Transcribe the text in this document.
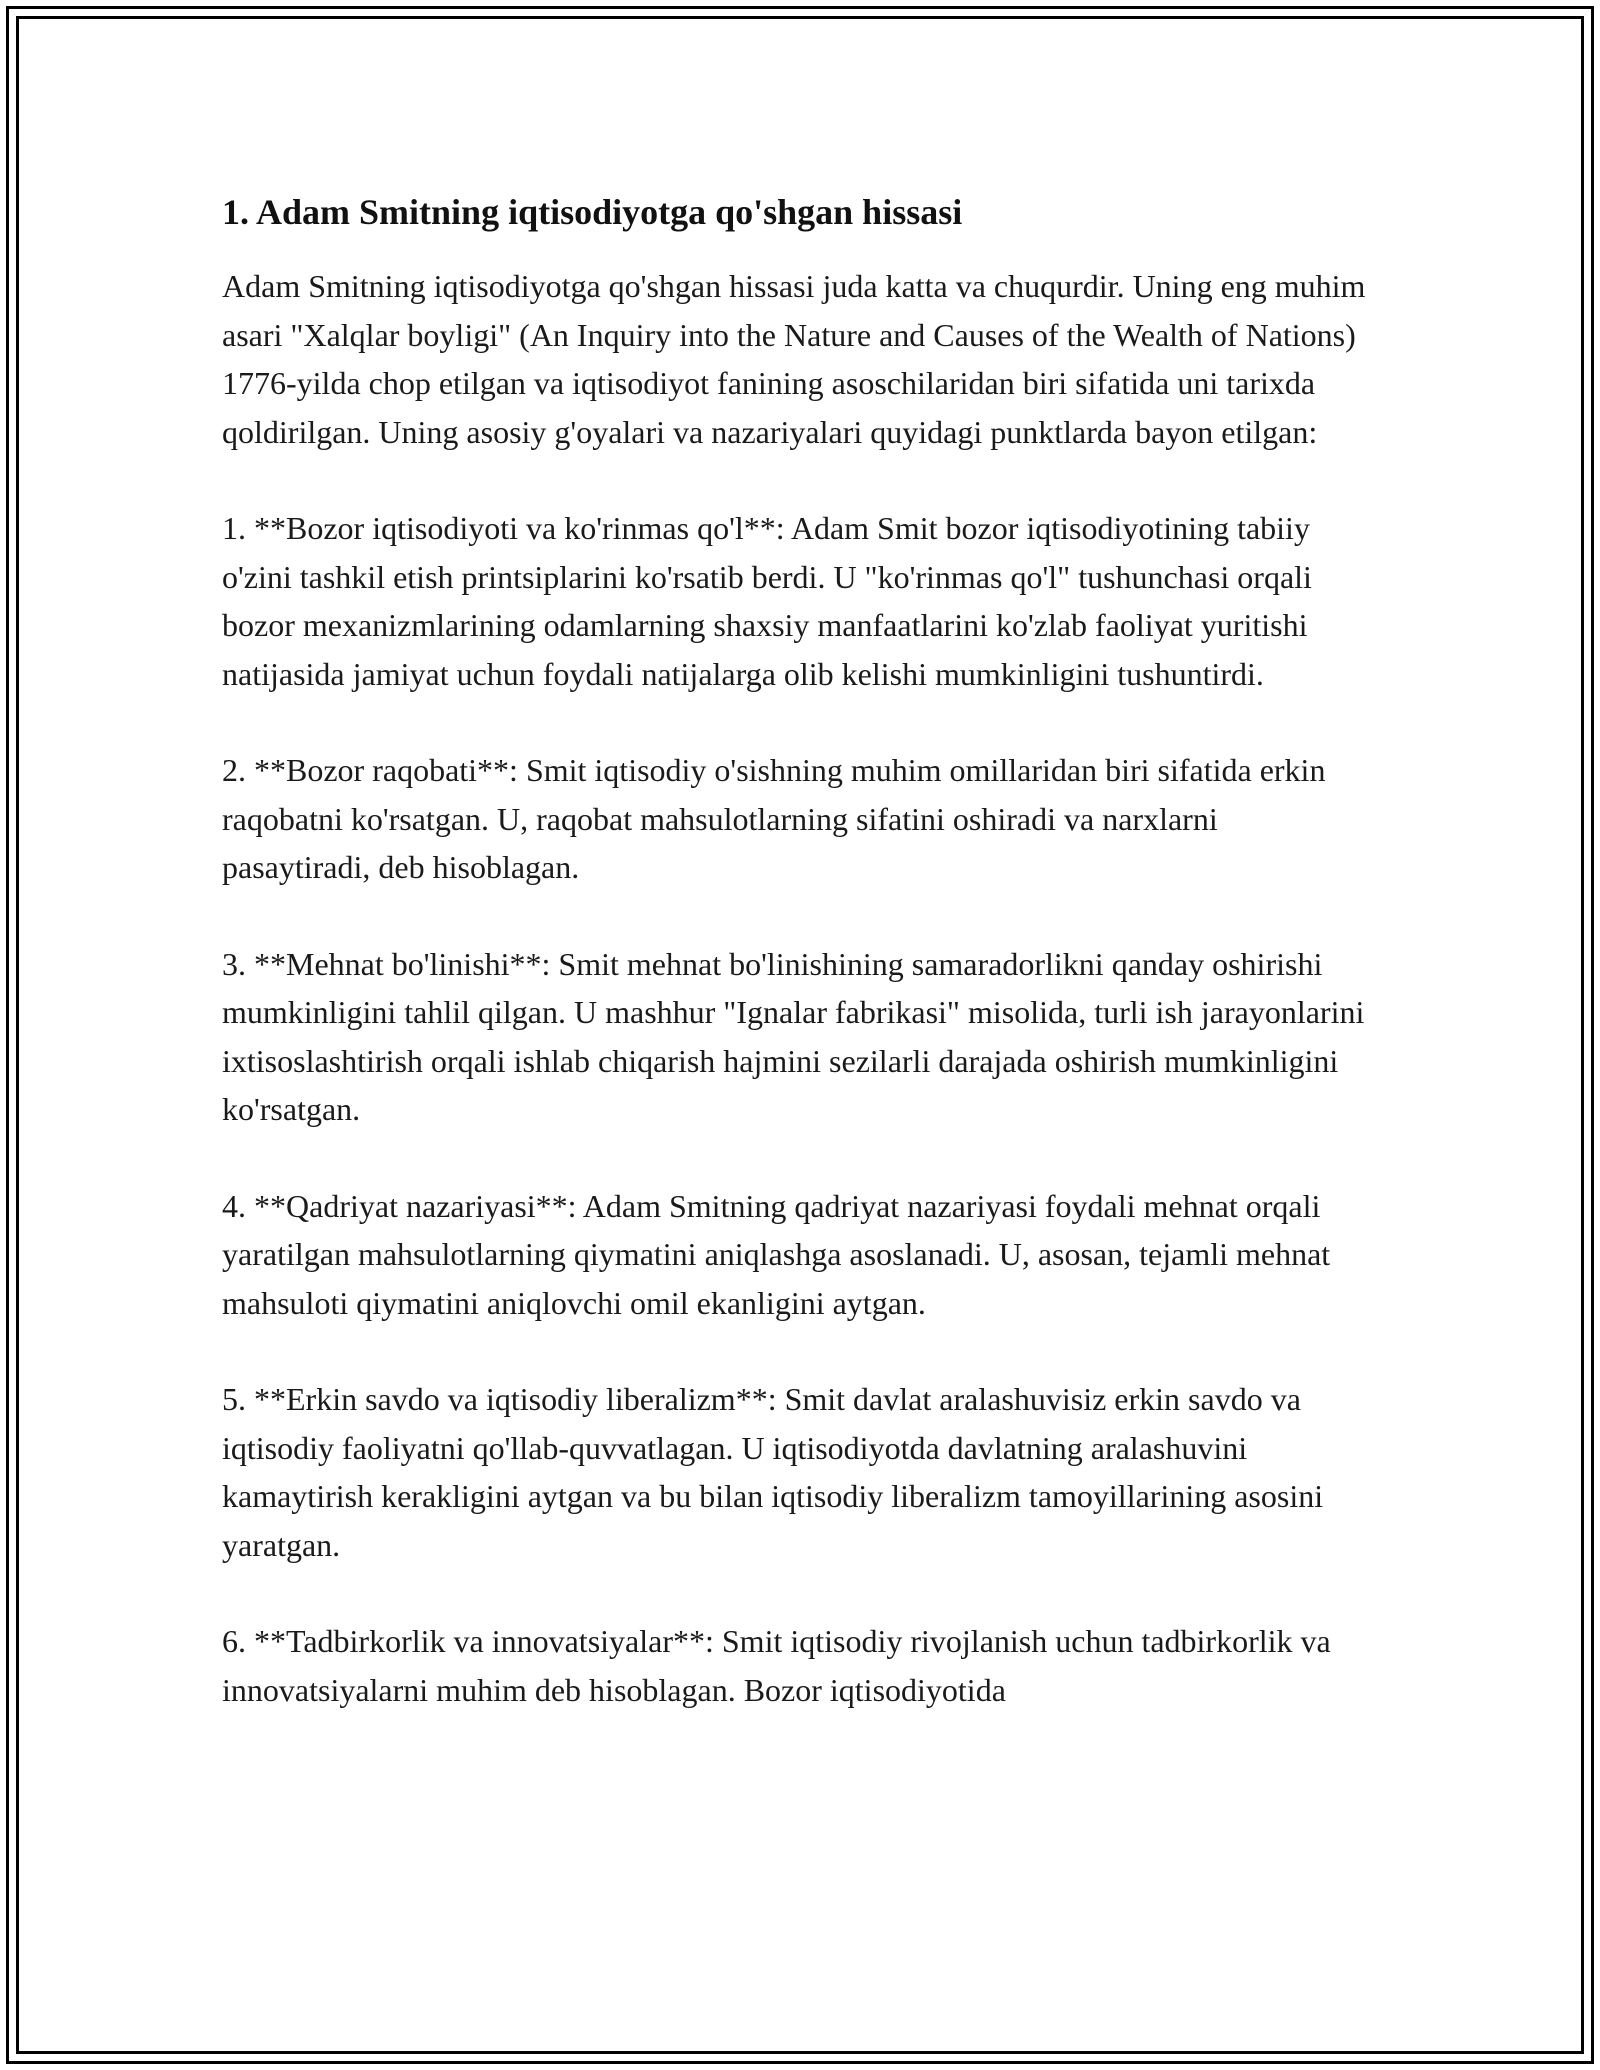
1. Adam Smitning iqtisodiyotga qo'shgan hissasi

Adam Smitning iqtisodiyotga qo'shgan hissasi juda katta va chuqurdir. Uning eng muhim asari "Xalqlar boyligi" (An Inquiry into the Nature and Causes of the Wealth of Nations) 1776-yilda chop etilgan va iqtisodiyot fanining asoschilaridan biri sifatida uni tarixda qoldirilgan. Uning asosiy g'oyalari va nazariyalari quyidagi punktlarda bayon etilgan:

1. **Bozor iqtisodiyoti va ko'rinmas qo'l**: Adam Smit bozor iqtisodiyotining tabiiy o'zini tashkil etish printsiplarini ko'rsatib berdi. U "ko'rinmas qo'l" tushunchasi orqali bozor mexanizmlarining odamlarning shaxsiy manfaatlarini ko'zlab faoliyat yuritishi natijasida jamiyat uchun foydali natijalarga olib kelishi mumkinligini tushuntirdi.

2. **Bozor raqobati**: Smit iqtisodiy o'sishning muhim omillaridan biri sifatida erkin raqobatni ko'rsatgan. U, raqobat mahsulotlarning sifatini oshiradi va narxlarni pasaytiradi, deb hisoblagan.

3. **Mehnat bo'linishi**: Smit mehnat bo'linishining samaradorlikni qanday oshirishi mumkinligini tahlil qilgan. U mashhur "Ignalar fabrikasi" misolida, turli ish jarayonlarini ixtisoslashtirish orqali ishlab chiqarish hajmini sezilarli darajada oshirish mumkinligini ko'rsatgan.

4. **Qadriyat nazariyasi**: Adam Smitning qadriyat nazariyasi foydali mehnat orqali yaratilgan mahsulotlarning qiymatini aniqlashga asoslanadi. U, asosan, tejamli mehnat mahsuloti qiymatini aniqlovchi omil ekanligini aytgan.

5. **Erkin savdo va iqtisodiy liberalizm**: Smit davlat aralashuvisiz erkin savdo va iqtisodiy faoliyatni qo'llab-quvvatlagan. U iqtisodiyotda davlatning aralashuvini kamaytirish kerakligini aytgan va bu bilan iqtisodiy liberalizm tamoyillarining asosini yaratgan.

6. **Tadbirkorlik va innovatsiyalar**: Smit iqtisodiy rivojlanish uchun tadbirkorlik va innovatsiyalarni muhim deb hisoblagan. Bozor iqtisodiyotida
